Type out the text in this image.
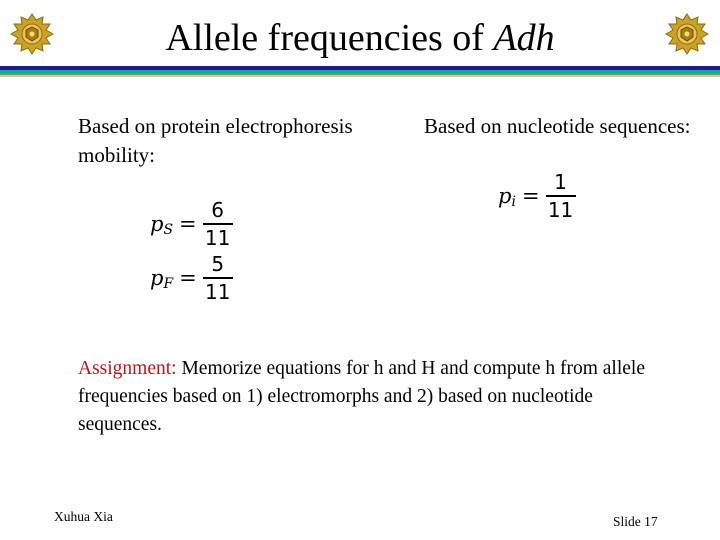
Allele frequencies of Adh
Based on protein electrophoresis mobility:
p $S = \frac{6}{11}$
p $F = \frac{5}{11}$
Based on nucleotide sequences:
p $i = \frac{1}{11}$
Assignment: Memorize equations for h and H and compute h from allele frequencies based on 1) electromorphs and 2) based on nucleotide sequences.
Xuhua Xia	Slide 17
